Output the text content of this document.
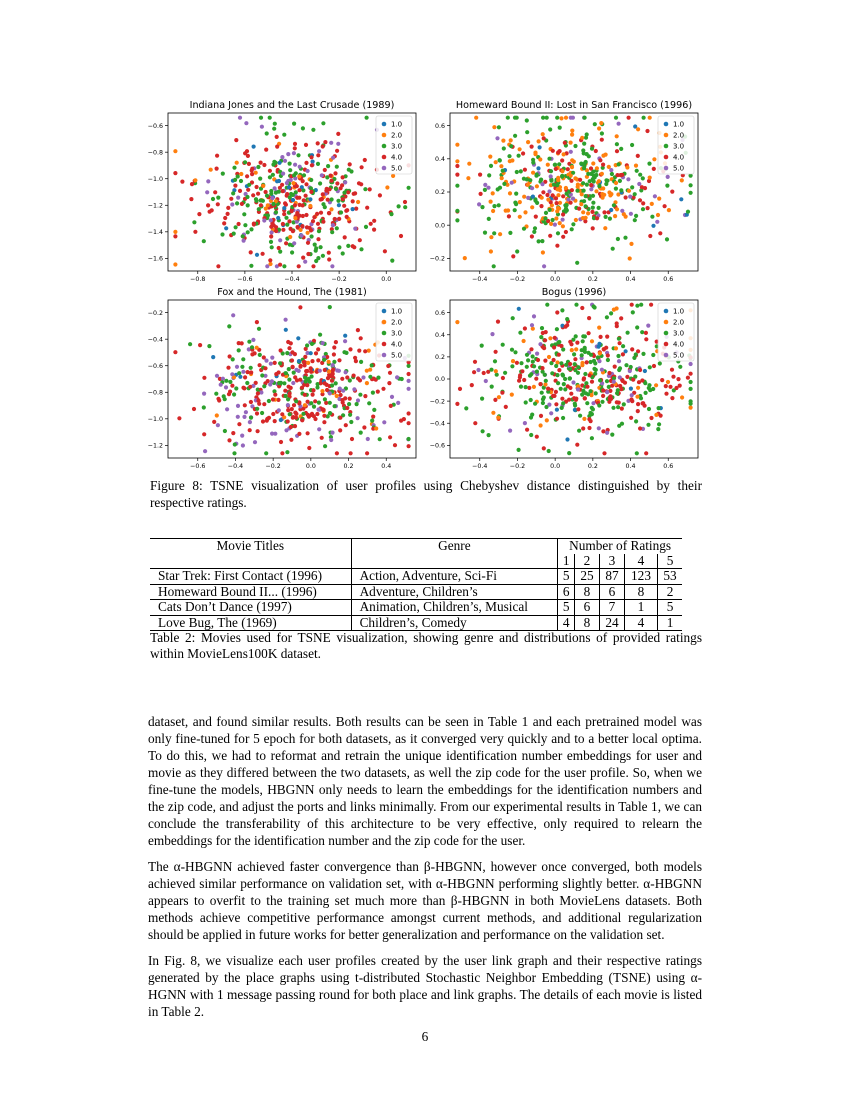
Indiana Jones and the Last Crusade (1989)
−0.8	−0.6	−0.4	−0.2	0.0
−0.6
−0.8
−1.0
−1.2
−1.4
−1.6
1.0
2.0
3.0
4.0
5.0
Homeward Bound II: Lost in San Francisco (1996)
−0.4	−0.2	0.0	0.2	0.4	0.6
0.6
0.4
0.2
0.0
−0.2
1.0
2.0
3.0
4.0
5.0
Fox and the Hound, The (1981)
−0.6	−0.4	−0.2	0.0	0.2	0.4
−0.2
−0.4
−0.6
−0.8
−1.0
−1.2
1.0
2.0
3.0
4.0
5.0
Bogus (1996)
−0.4	−0.2	0.0	0.2	0.4	0.6
0.6
0.4
0.2
0.0
−0.2
−0.4
−0.6
1.0
2.0
3.0
4.0
5.0
Figure 8: TSNE visualization of user profiles using Chebyshev distance distinguished by their respective ratings.
Movie Titles	Genre	Number of Ratings				
		1	2	3	4	5
Star Trek: First Contact (1996)	Action, Adventure, Sci-Fi	5	25	87	123	53
Homeward Bound II... (1996)	Adventure, Children’s	6	8	6	8	2
Cats Don’t Dance (1997)	Animation, Children’s, Musical	5	6	7	1	5
Love Bug, The (1969)	Children’s, Comedy	4	8	24	4	1
Table 2: Movies used for TSNE visualization, showing genre and distributions of provided ratings within MovieLens100K dataset.

dataset, and found similar results. Both results can be seen in Table 1 and each pretrained model was only fine-tuned for 5 epoch for both datasets, as it converged very quickly and to a better local optima. To do this, we had to reformat and retrain the unique identification number embeddings for user and movie as they differed between the two datasets, as well the zip code for the user profile. So, when we fine-tune the models, HBGNN only needs to learn the embeddings for the identification numbers and the zip code, and adjust the ports and links minimally. From our experimental results in Table 1, we can conclude the transferability of this architecture to be very effective, only required to relearn the embeddings for the identification number and the zip code for the user.

The α-HBGNN achieved faster convergence than β-HBGNN, however once converged, both models achieved similar performance on validation set, with α-HBGNN performing slightly better. α-HBGNN appears to overfit to the training set much more than β-HBGNN in both MovieLens datasets. Both methods achieve competitive performance amongst current methods, and additional regularization should be applied in future works for better generalization and performance on the validation set.

In Fig. 8, we visualize each user profiles created by the user link graph and their respective ratings generated by the place graphs using t-distributed Stochastic Neighbor Embedding (TSNE) using α-HGNN with 1 message passing round for both place and link graphs. The details of each movie is listed in Table 2.

6
